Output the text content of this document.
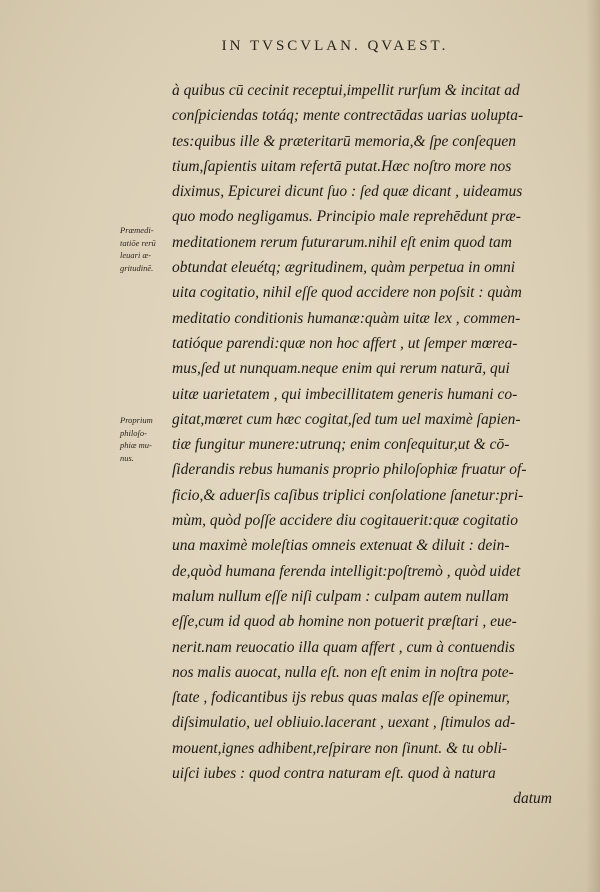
IN TVSCVLAN. QVAEST.
à quibus cū cecinit receptui,impellit rurſum & incitat ad
conſpiciendas totáq; mente contrectādas uarias uolupta-
tes:quibus ille & præteritarū memoria,& ſpe conſequen
tium,ſapientis uitam refertā putat.Hæc noſtro more nos
diximus, Epicurei dicunt ſuo : ſed quæ dicant , uideamus
quo modo negligamus. Principio male reprehēdunt præ-
meditationem rerum futurarum.nihil eſt enim quod tam
obtundat eleuétq; ægritudinem, quàm perpetua in omni
uita cogitatio, nihil eſſe quod accidere non poſsit : quàm
meditatio conditionis humanæ:quàm uitæ lex , commen-
tatióque parendi:quæ non hoc affert , ut ſemper mœrea-
mus,ſed ut nunquam.neque enim qui rerum naturā, qui
uitæ uarietatem , qui imbecillitatem generis humani co-
gitat,mœret cum hæc cogitat,ſed tum uel maximè ſapien-
tiæ fungitur munere:utrunq; enim conſequitur,ut & cō-
ſiderandis rebus humanis proprio philoſophiæ fruatur of-
ficio,& aduerſis caſibus triplici conſolatione ſanetur:pri-
mùm, quòd poſſe accidere diu cogitauerit:quæ cogitatio
una maximè moleſtias omneis extenuat & diluit : dein-
de,quòd humana ferenda intelligit:poſtremò , quòd uidet
malum nullum eſſe niſi culpam : culpam autem nullam
eſſe,cum id quod ab homine non potuerit præſtari , eue-
nerit.nam reuocatio illa quam affert , cum à contuendis
nos malis auocat, nulla eſt. non eſt enim in noſtra pote-
ſtate , fodicantibus ijs rebus quas malas eſſe opinemur,
diſsimulatio, uel obliuio.lacerant , uexant , ſtimulos ad-
mouent,ignes adhibent,reſpirare non ſinunt. & tu obli-
uiſci iubes : quod contra naturam eſt. quod à natura
datum
Præmedi-
tatiōe rerū
leuari æ-
gritudinē.
Proprium
philoſo-
phiæ mu-
nus.
